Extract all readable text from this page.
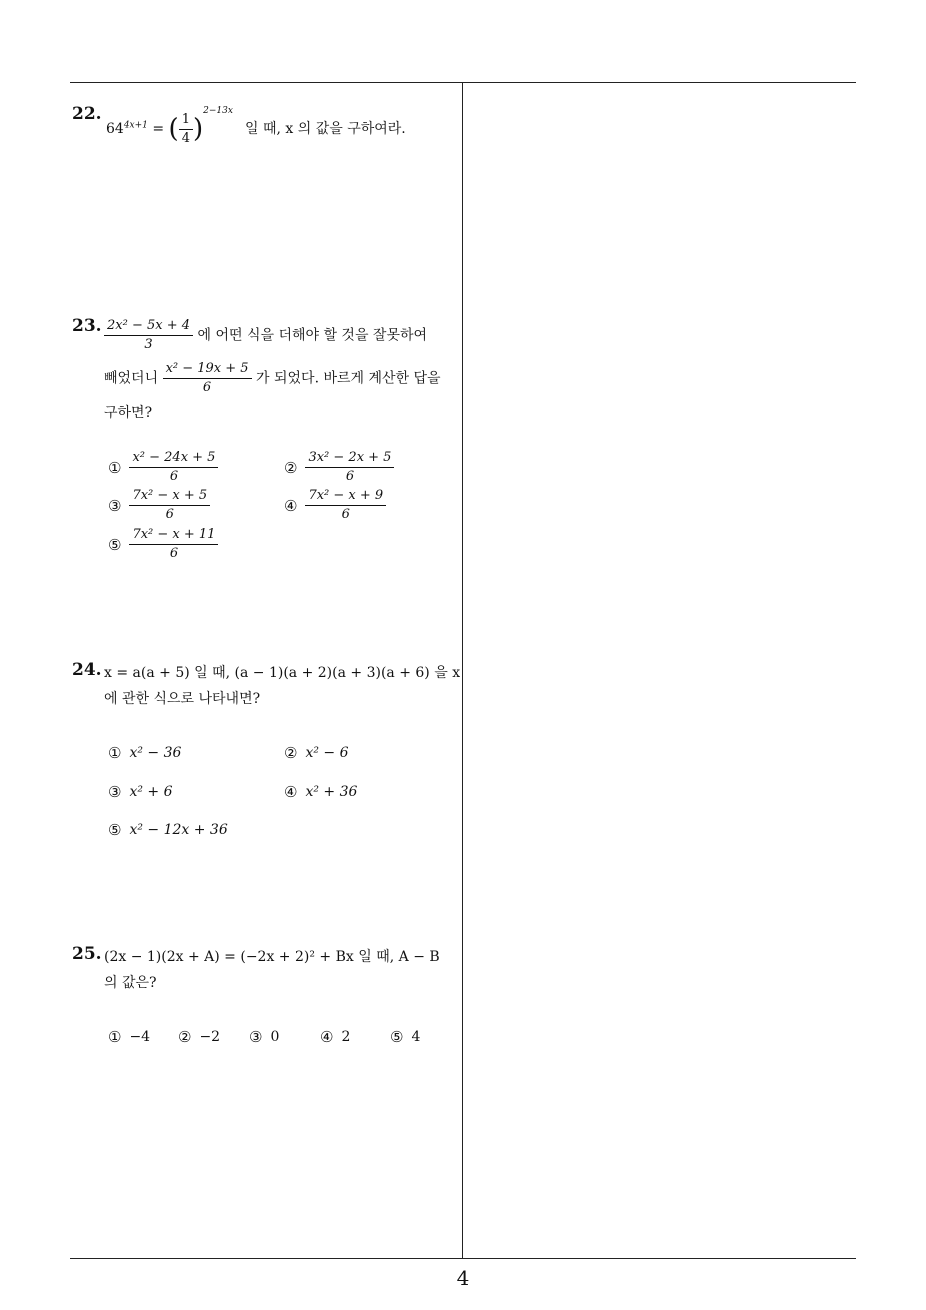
22.
$64^{4x+1}$ = ( $\frac{1}{4} )^{2-13x}$
일 때, x 의 값을 구하여라.
23. $\frac{\text{2x² − 5x + 4}}{3}$ 에 어떤 식을 더해야 할 것을 잘못하여
빼었더니 $\frac{\text{x² − 19x + 5}}{6}$ 가 되었다. 바르게 계산한 답을
구하면?
① $\frac{\text{x² − 24x + 5}}{6}$	② $\frac{\text{3x² − 2x + 5}}{6}$
③ $\frac{\text{7x² − x + 5}}{6}$	④ $\frac{\text{7x² − x + 9}}{6}$
⑤ $\frac{\text{7x² − x + 11}}{6}$
24. x = a(a + 5) 일 때, (a − 1)(a + 2)(a + 3)(a + 6) 을 x
에 관한 식으로 나타내면?
① x² − 36	② x² − 6
③ x² + 6	④ x² + 36
⑤ x² − 12x + 36
25. (2x − 1)(2x + A) = (−2x + 2)² + Bx 일 때, A − B
의 값은?
① −4 ② −2 ③ 0	④ 2	⑤ 4
4
